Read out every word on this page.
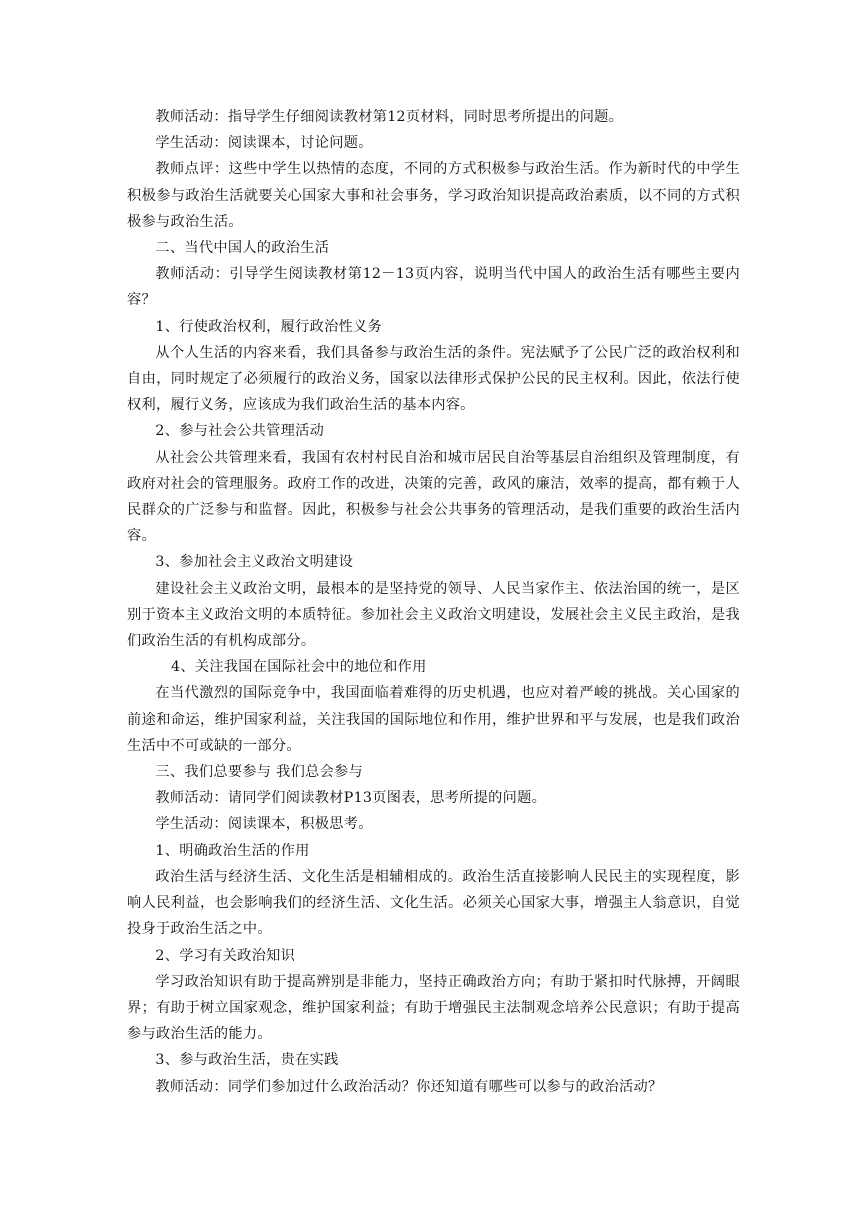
教师活动：指导学生仔细阅读教材第12页材料，同时思考所提出的问题。

学生活动：阅读课本，讨论问题。

教师点评：这些中学生以热情的态度，不同的方式积极参与政治生活。作为新时代的中学生积极参与政治生活就要关心国家大事和社会事务，学习政治知识提高政治素质，以不同的方式积极参与政治生活。

二、当代中国人的政治生活

教师活动：引导学生阅读教材第12－13页内容，说明当代中国人的政治生活有哪些主要内容？

1、行使政治权利，履行政治性义务

从个人生活的内容来看，我们具备参与政治生活的条件。宪法赋予了公民广泛的政治权利和自由，同时规定了必须履行的政治义务，国家以法律形式保护公民的民主权利。因此，依法行使权利，履行义务，应该成为我们政治生活的基本内容。

2、参与社会公共管理活动

从社会公共管理来看，我国有农村村民自治和城市居民自治等基层自治组织及管理制度，有政府对社会的管理服务。政府工作的改进，决策的完善，政风的廉洁，效率的提高，都有赖于人民群众的广泛参与和监督。因此，积极参与社会公共事务的管理活动，是我们重要的政治生活内容。

3、参加社会主义政治文明建设

建设社会主义政治文明，最根本的是坚持党的领导、人民当家作主、依法治国的统一，是区别于资本主义政治文明的本质特征。参加社会主义政治文明建设，发展社会主义民主政治，是我们政治生活的有机构成部分。

4、关注我国在国际社会中的地位和作用

在当代激烈的国际竞争中，我国面临着难得的历史机遇，也应对着严峻的挑战。关心国家的前途和命运，维护国家利益，关注我国的国际地位和作用，维护世界和平与发展，也是我们政治生活中不可或缺的一部分。

三、我们总要参与 我们总会参与

教师活动：请同学们阅读教材P13页图表，思考所提的问题。

学生活动：阅读课本，积极思考。

1、明确政治生活的作用

政治生活与经济生活、文化生活是相辅相成的。政治生活直接影响人民民主的实现程度，影响人民利益，也会影响我们的经济生活、文化生活。必须关心国家大事，增强主人翁意识，自觉投身于政治生活之中。

2、学习有关政治知识

学习政治知识有助于提高辨别是非能力，坚持正确政治方向；有助于紧扣时代脉搏，开阔眼界；有助于树立国家观念，维护国家利益；有助于增强民主法制观念培养公民意识；有助于提高参与政治生活的能力。

3、参与政治生活，贵在实践

教师活动：同学们参加过什么政治活动？你还知道有哪些可以参与的政治活动？
